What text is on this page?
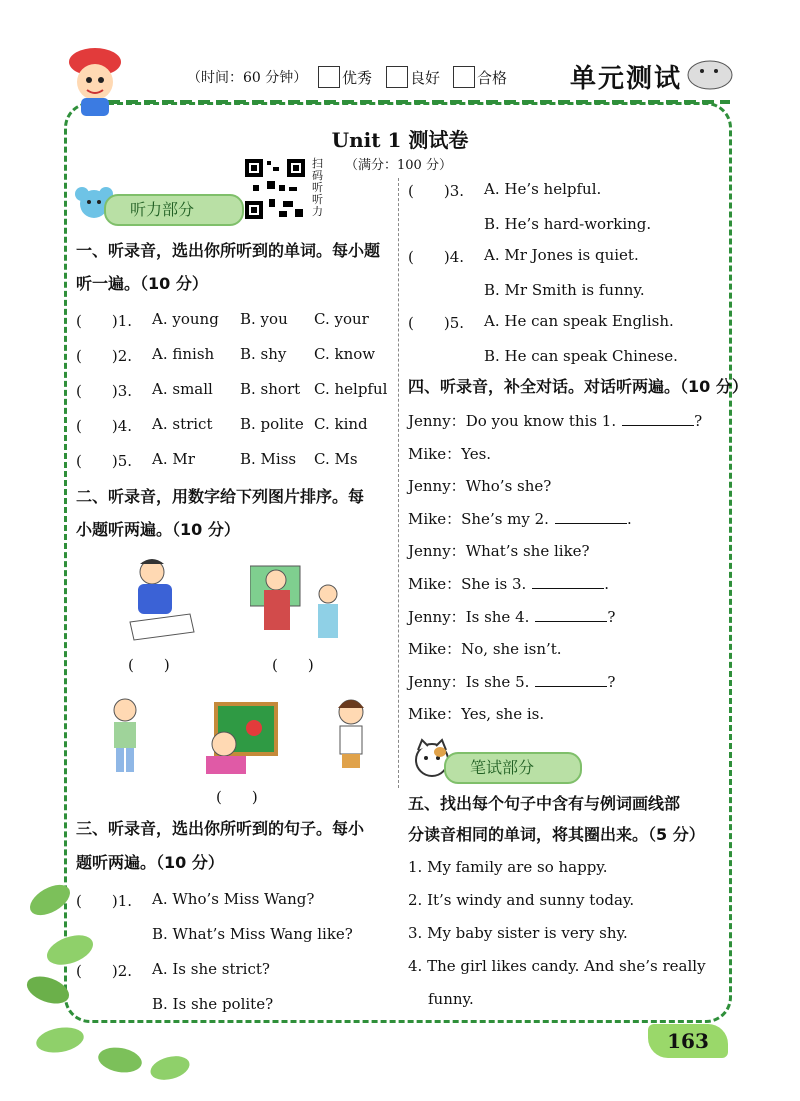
（时间：60 分钟） 优秀	良好 合格 单元测试
Unit 1 测试卷
（满分：100 分）
扫码听听力
听力部分
一、听录音，选出你所听到的单词。每小题
听一遍。（10 分）
(　　)1. A. young B. you C. your
(　　)2. A. finish B. shy C. know
(　　)3. A. small B. short C. helpful
(　　)4. A. strict B. polite C. kind
(　　)5. A. Mr	B. Miss C. Ms
二、听录音，用数字给下列图片排序。每
小题听两遍。（10 分）
(　　)	(　　)
(　　)
三、听录音，选出你所听到的句子。每小
题听两遍。（10 分）
(　　)1. A. Who’s Miss Wang?
B. What’s Miss Wang like?
(　　)2. A. Is she strict?
B. Is she polite?
(　　)3. A. He’s helpful.
B. He’s hard-working.
(　　)4. A. Mr Jones is quiet.
B. Mr Smith is funny.
(　　)5. A. He can speak English.
B. He can speak Chinese.
四、听录音，补全对话。对话听两遍。（10 分）
Jenny：Do you know this 1.	?
Mike：Yes.
Jenny：Who’s she?
Mike：She’s my 2.	.
Jenny：What’s she like?
Mike：She is 3.	.
Jenny：Is she 4.	?
Mike：No, she isn’t.
Jenny：Is she 5.	?
Mike：Yes, she is.
笔试部分
五、找出每个句子中含有与例词画线部
分读音相同的单词，将其圈出来。（5 分）
1. My family are so happy.
2. It’s windy and sunny today.
3. My baby sister is very shy.
4. The girl likes candy. And she’s really
funny.
163
